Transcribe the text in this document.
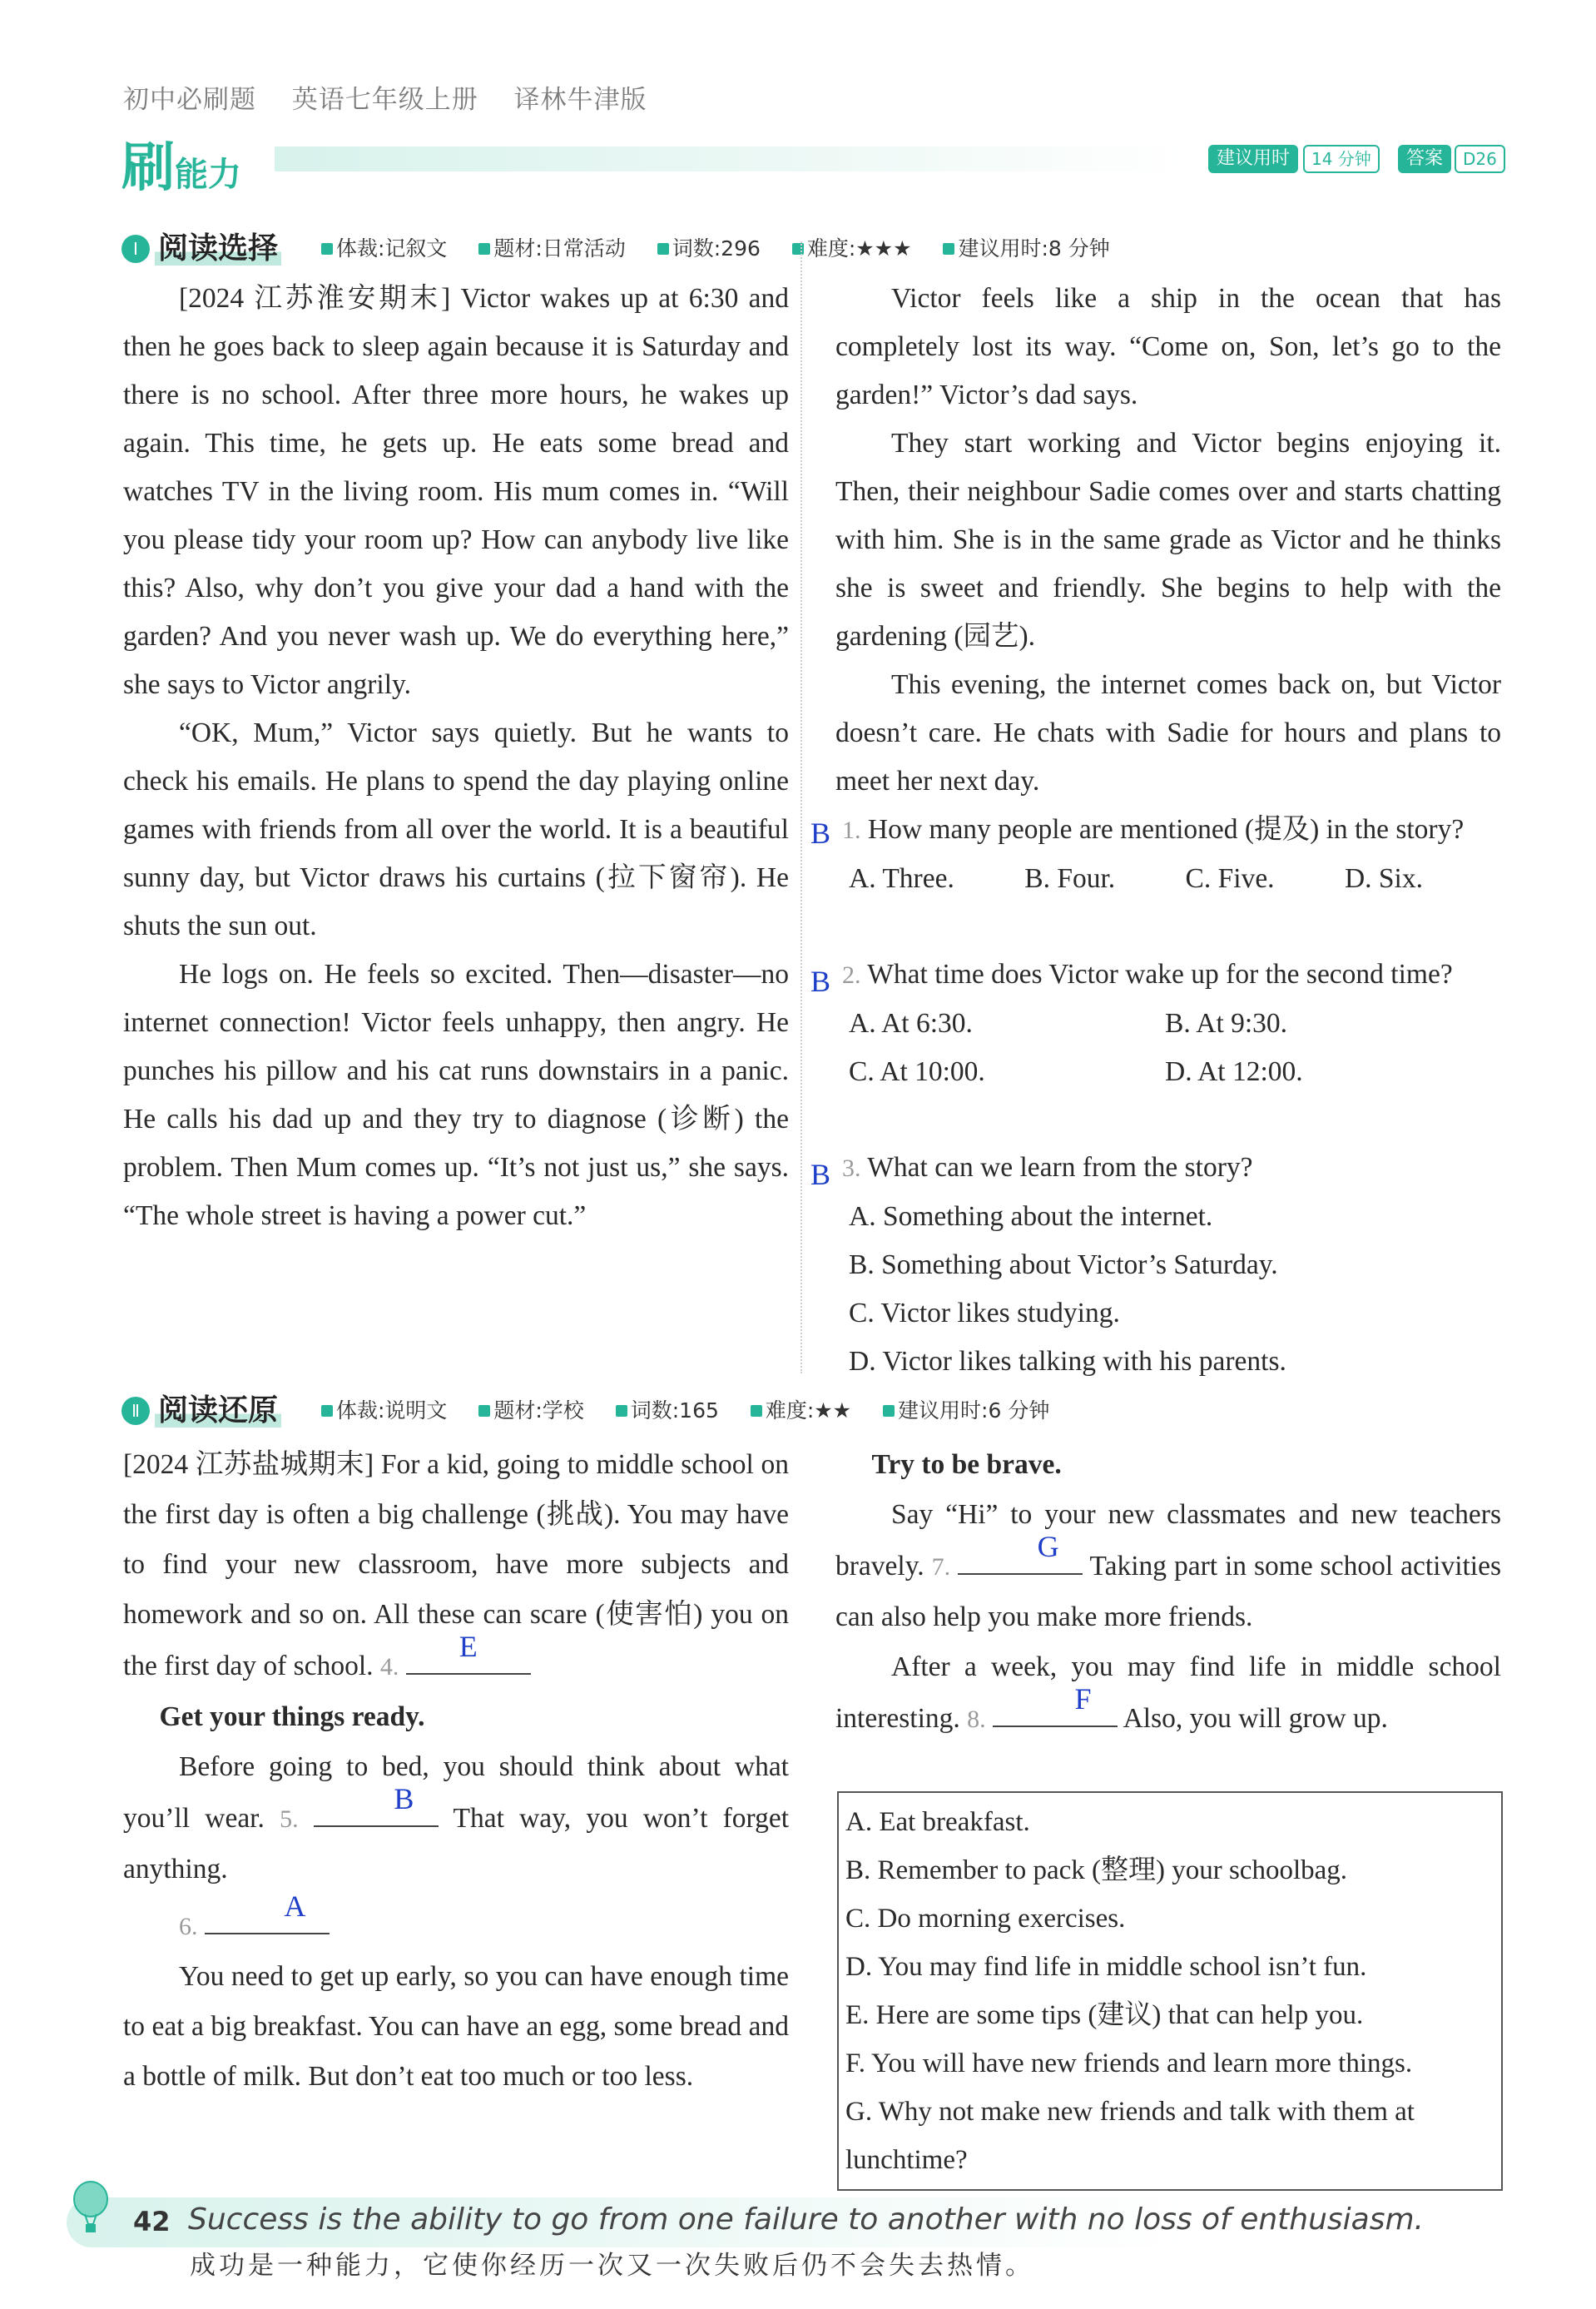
初中必刷题 英语七年级上册 译林牛津版
刷能力	建议用时	14 分钟	答案	D26
Ⅰ 阅读选择	体裁:记叙文 题材:日常活动 词数:296 难度:★★★ 建议用时:8 分钟

[2024 江苏淮安期末] Victor wakes up at 6:30 and then he goes back to sleep again because it is Saturday and there is no school. After three more hours, he wakes up again. This time, he gets up. He eats some bread and watches TV in the living room. His mum comes in. “Will you please tidy your room up? How can anybody live like this? Also, why don’t you give your dad a hand with the garden? And you never wash up. We do everything here,” she says to Victor angrily.

“OK, Mum,” Victor says quietly. But he wants to check his emails. He plans to spend the day playing online games with friends from all over the world. It is a beautiful sunny day, but Victor draws his curtains (拉下窗帘). He shuts the sun out.

He logs on. He feels so excited. Then—disaster—no internet connection! Victor feels unhappy, then angry. He punches his pillow and his cat runs downstairs in a panic. He calls his dad up and they try to diagnose (诊断) the problem. Then Mum comes up. “It’s not just us,” she says. “The whole street is having a power cut.”

Victor feels like a ship in the ocean that has completely lost its way. “Come on, Son, let’s go to the garden!” Victor’s dad says.

They start working and Victor begins enjoying it. Then, their neighbour Sadie comes over and starts chatting with him. She is in the same grade as Victor and he thinks she is sweet and friendly. She begins to help with the gardening (园艺).

This evening, the internet comes back on, but Victor doesn’t care. He chats with Sadie for hours and plans to meet her next day.

B 1. How many people are mentioned (提及) in the story?
A. Three.	B. Four.	C. Five.	D. Six.
B 2. What time does Victor wake up for the second time?
A. At 6:30.	B. At 9:30.
C. At 10:00.	D. At 12:00.
B 3. What can we learn from the story?
A. Something about the internet.
B. Something about Victor’s Saturday.
C. Victor likes studying.
D. Victor likes talking with his parents.
Ⅱ 阅读还原	体裁:说明文 题材:学校 词数:165 难度:★★ 建议用时:6 分钟

[2024 江苏盐城期末] For a kid, going to middle school on the first day is often a big challenge (挑战). You may have to find your new classroom, have more subjects and homework and so on. All these can scare (使害怕) you on the first day of school. 4.
E

Get your things ready.

Before going to bed, you should think about what you’ll wear. 5.
B
That way, you won’t forget anything.

6.
A

You need to get up early, so you can have enough time to eat a big breakfast. You can have an egg, some bread and a bottle of milk. But don’t eat too much or too less.

Try to be brave.

Say “Hi” to your new classmates and new teachers bravely. 7.
G
Taking part in some school activities can also help you make more friends.

After a week, you may find life in middle school interesting. 8.
F
Also, you will grow up.

A. Eat breakfast.
B. Remember to pack (整理) your schoolbag.
C. Do morning exercises.
D. You may find life in middle school isn’t fun.
E. Here are some tips (建议) that can help you.
F. You will have new friends and learn more things.
G. Why not make new friends and talk with them at lunchtime?
42 Success is the ability to go from one failure to another with no loss of enthusiasm.
成功是一种能力，它使你经历一次又一次失败后仍不会失去热情。
